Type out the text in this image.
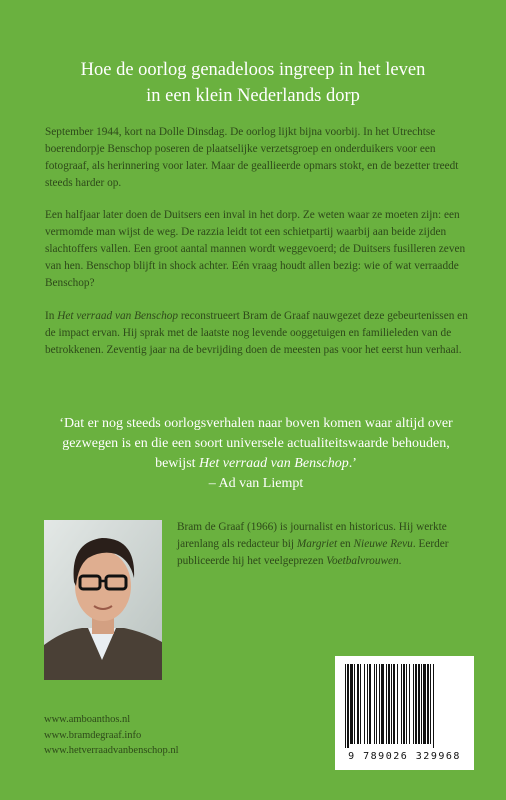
Hoe de oorlog genadeloos ingreep in het leven
in een klein Nederlands dorp
September 1944, kort na Dolle Dinsdag. De oorlog lijkt bijna voorbij. In het Utrechtse boerendorpje Benschop poseren de plaatselijke verzetsgroep en onderduikers voor een fotograaf, als herinnering voor later. Maar de geallieerde opmars stokt, en de bezetter treedt steeds harder op.
Een halfjaar later doen de Duitsers een inval in het dorp. Ze weten waar ze moeten zijn: een vermomde man wijst de weg. De razzia leidt tot een schietpartij waarbij aan beide zijden slachtoffers vallen. Een groot aantal mannen wordt weggevoerd; de Duitsers fusilleren zeven van hen. Benschop blijft in shock achter. Eén vraag houdt allen bezig: wie of wat verraadde Benschop?
In Het verraad van Benschop reconstrueert Bram de Graaf nauwgezet deze gebeurtenissen en de impact ervan. Hij sprak met de laatste nog levende ooggetuigen en familieleden van de betrokkenen. Zeventig jaar na de bevrijding doen de meesten pas voor het eerst hun verhaal.
‘Dat er nog steeds oorlogsverhalen naar boven komen waar altijd over gezwegen is en die een soort universele actualiteitswaarde behouden, bewijst Het verraad van Benschop.’
– Ad van Liempt
Bram de Graaf (1966) is journalist en historicus. Hij werkte jarenlang als redacteur bij Margriet en Nieuwe Revu. Eerder publiceerde hij het veelgeprezen Voetbalvrouwen.
www.amboanthos.nl
www.bramdegraaf.info
www.hetverraadvanbenschop.nl
9 789026 329968
